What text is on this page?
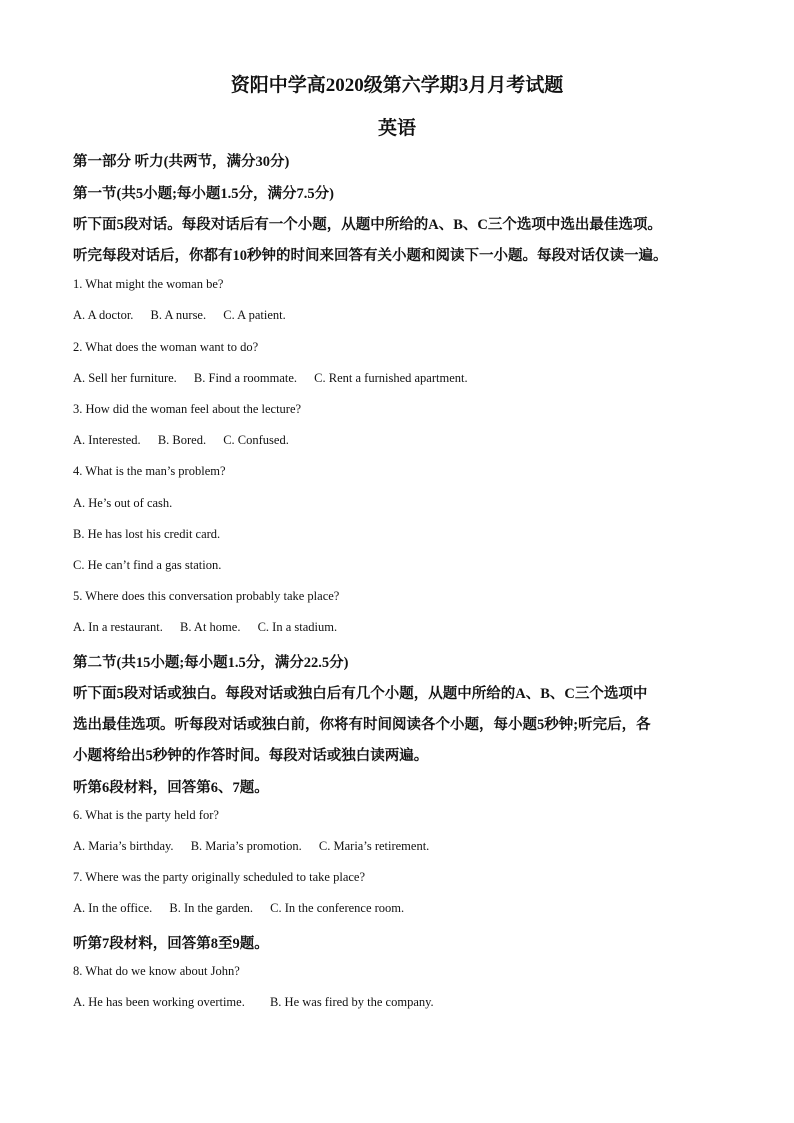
资阳中学高2020级第六学期3月月考试题
英语
第一部分 听力(共两节，满分30分)
第一节(共5小题;每小题1.5分，满分7.5分)
听下面5段对话。每段对话后有一个小题，从题中所给的A、B、C三个选项中选出最佳选项。
听完每段对话后，你都有10秒钟的时间来回答有关小题和阅读下一小题。每段对话仅读一遍。
1. What might the woman be?
A. A doctor. B. A nurse. C. A patient.
2. What does the woman want to do?
A. Sell her furniture. B. Find a roommate. C. Rent a furnished apartment.
3. How did the woman feel about the lecture?
A. Interested. B. Bored. C. Confused.
4. What is the man’s problem?
A. He’s out of cash.
B. He has lost his credit card.
C. He can’t find a gas station.
5. Where does this conversation probably take place?
A. In a restaurant. B. At home. C. In a stadium.
第二节(共15小题;每小题1.5分，满分22.5分)
听下面5段对话或独白。每段对话或独白后有几个小题，从题中所给的A、B、C三个选项中
选出最佳选项。听每段对话或独白前，你将有时间阅读各个小题，每小题5秒钟;听完后，各
小题将给出5秒钟的作答时间。每段对话或独白读两遍。
听第6段材料，回答第6、7题。
6. What is the party held for?
A. Maria’s birthday. B. Maria’s promotion. C. Maria’s retirement.
7. Where was the party originally scheduled to take place?
A. In the office. B. In the garden. C. In the conference room.
听第7段材料，回答第8至9题。
8. What do we know about John?
A. He has been working overtime. B. He was fired by the company.
